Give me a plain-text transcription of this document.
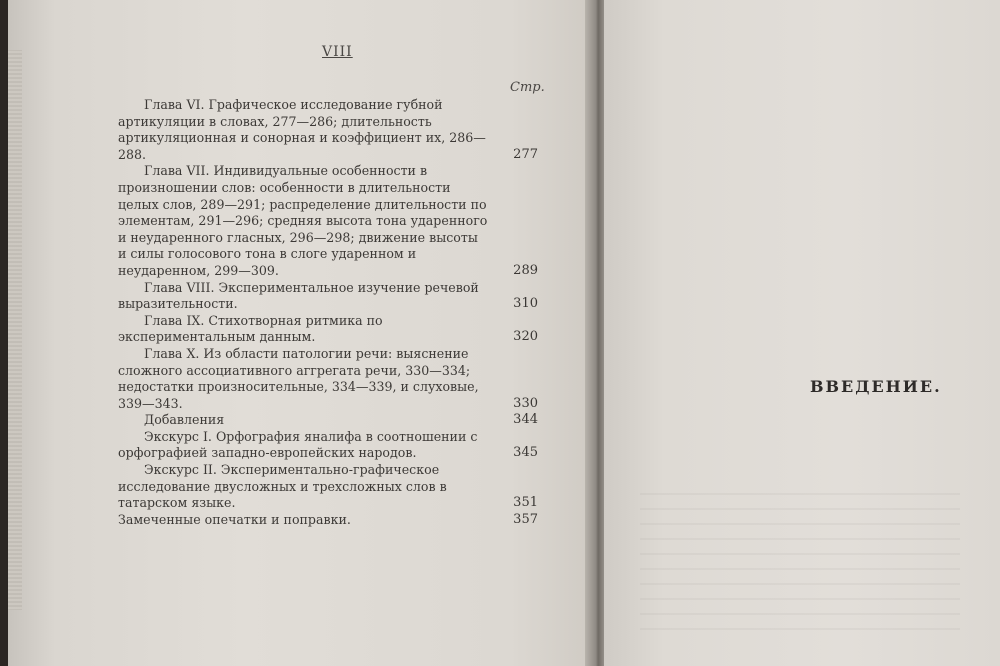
VIII
Стр.
Глава VI. Графическое исследование губной артикуляции в словах, 277—286; длительность артикуляционная и сонорная и коэффициент их, 286—288.	277
Глава VII. Индивидуальные особенности в произношении слов: особенности в длительности целых слов, 289—291; распределение длительности по элементам, 291—296; средняя высота тона ударенного и неударенного гласных, 296—298; движение высоты и силы голосового тона в слоге ударенном и неударенном, 299—309.	289
Глава VIII. Экспериментальное изучение речевой выразительности.	310
Глава IX. Стихотворная ритмика по экспериментальным данным.	320
Глава X. Из области патологии речи: выяснение сложного ассоциативного аггрегата речи, 330—334; недостатки произносительные, 334—339, и слуховые, 339—343.	330
Добавления	344
Экскурс I. Орфография яналифа в соотношении с орфографией западно-европейских народов.	345
Экскурс II. Экспериментально-графическое исследование двусложных и трехсложных слов в татарском языке.	351
Замеченные опечатки и поправки.	357
ВВЕДЕНИЕ.
